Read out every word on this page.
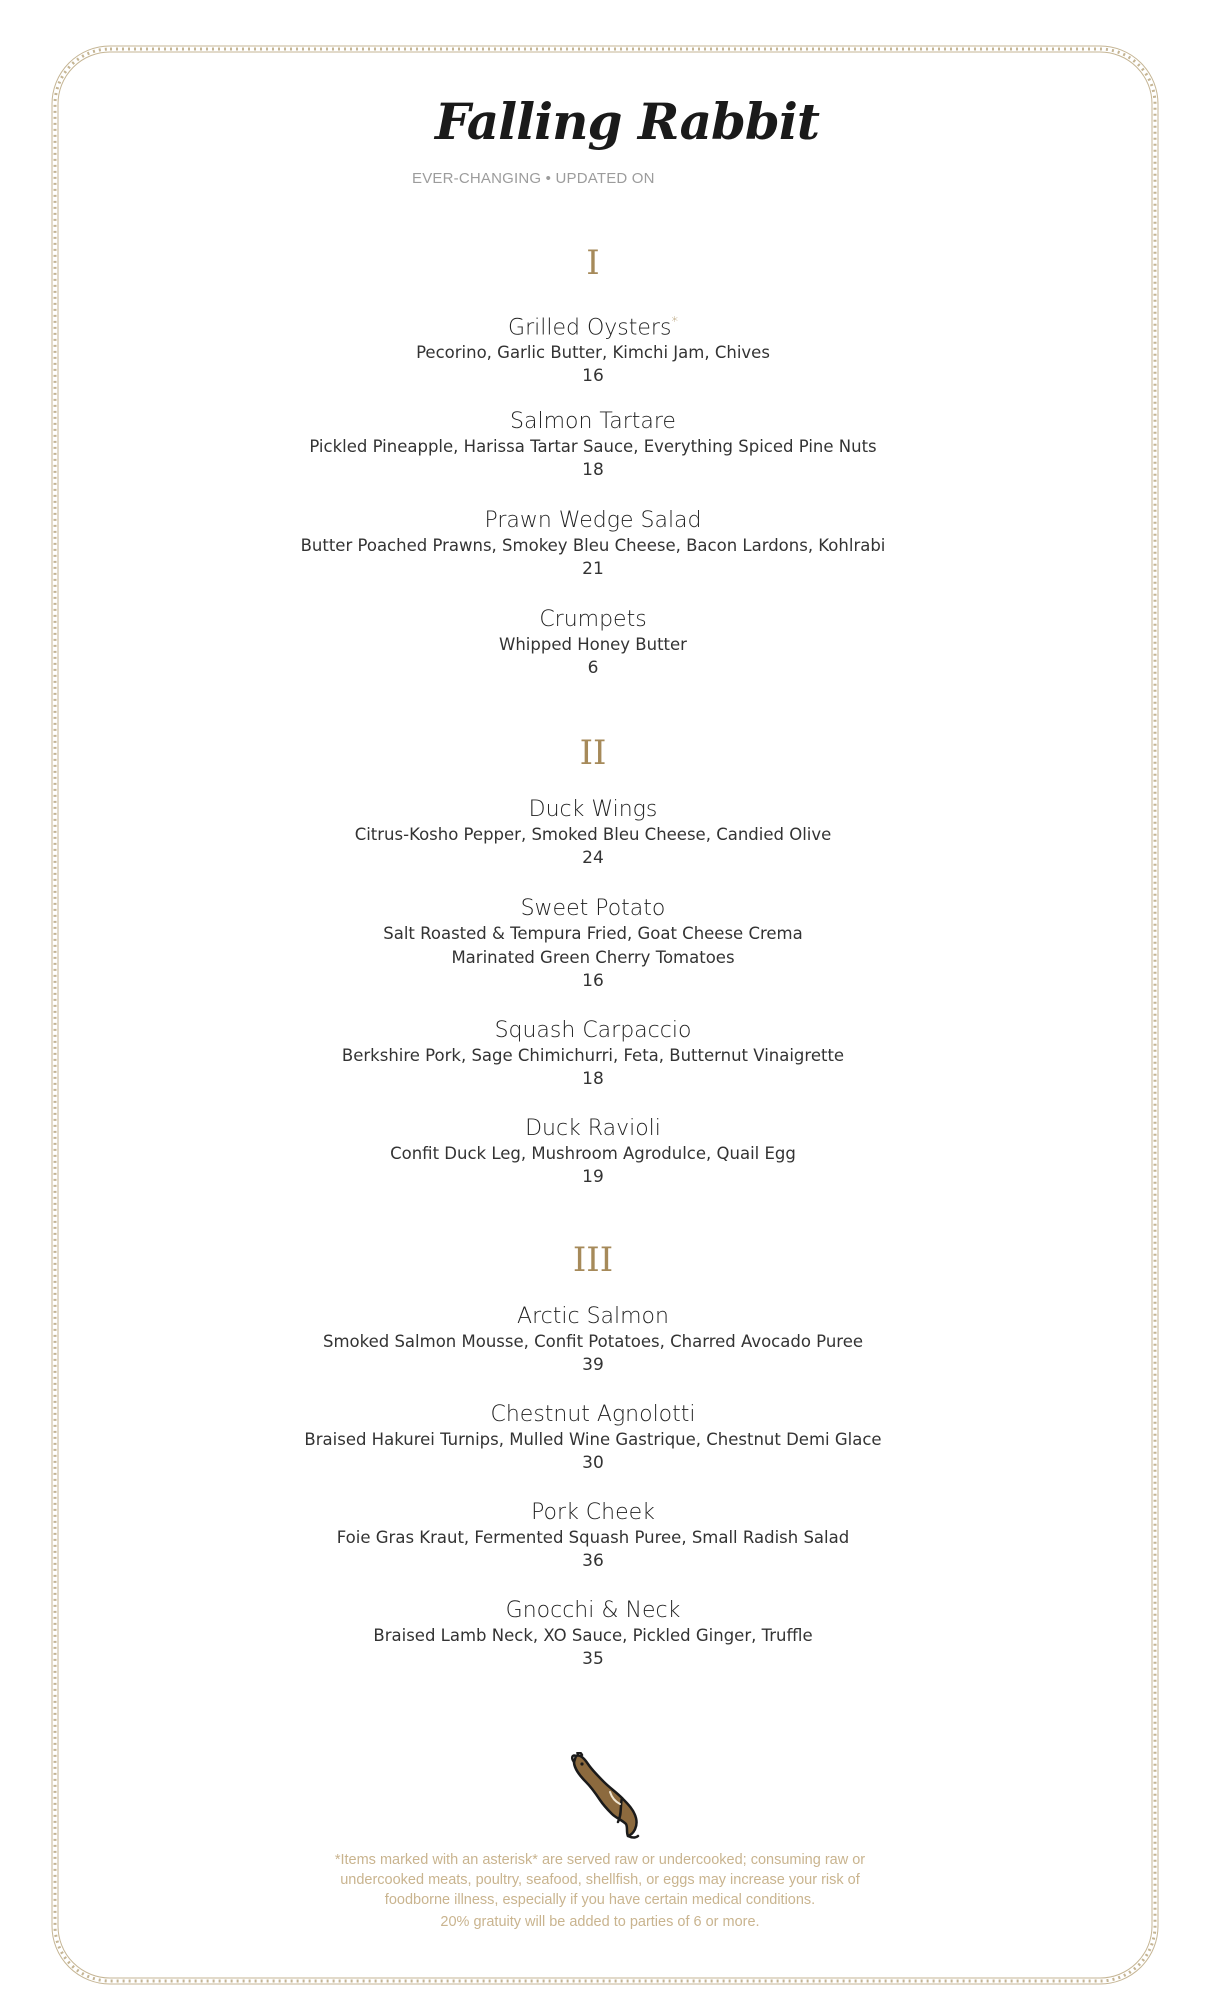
Falling Rabbit
EVER-CHANGING • UPDATED ON
I
Grilled Oysters*
Pecorino, Garlic Butter, Kimchi Jam, Chives
16
Salmon Tartare
Pickled Pineapple, Harissa Tartar Sauce, Everything Spiced Pine Nuts
18
Prawn Wedge Salad
Butter Poached Prawns, Smokey Bleu Cheese, Bacon Lardons, Kohlrabi
21
Crumpets
Whipped Honey Butter
6
II
Duck Wings
Citrus-Kosho Pepper, Smoked Bleu Cheese, Candied Olive
24
Sweet Potato
Salt Roasted & Tempura Fried, Goat Cheese Crema
Marinated Green Cherry Tomatoes
16
Squash Carpaccio
Berkshire Pork, Sage Chimichurri, Feta, Butternut Vinaigrette
18
Duck Ravioli
Confit Duck Leg, Mushroom Agrodulce, Quail Egg
19
III
Arctic Salmon
Smoked Salmon Mousse, Confit Potatoes, Charred Avocado Puree
39
Chestnut Agnolotti
Braised Hakurei Turnips, Mulled Wine Gastrique, Chestnut Demi Glace
30
Pork Cheek
Foie Gras Kraut, Fermented Squash Puree, Small Radish Salad
36
Gnocchi & Neck
Braised Lamb Neck, XO Sauce, Pickled Ginger, Truffle
35
*Items marked with an asterisk* are served raw or undercooked; consuming raw or
undercooked meats, poultry, seafood, shellfish, or eggs may increase your risk of
foodborne illness, especially if you have certain medical conditions.
20% gratuity will be added to parties of 6 or more.
